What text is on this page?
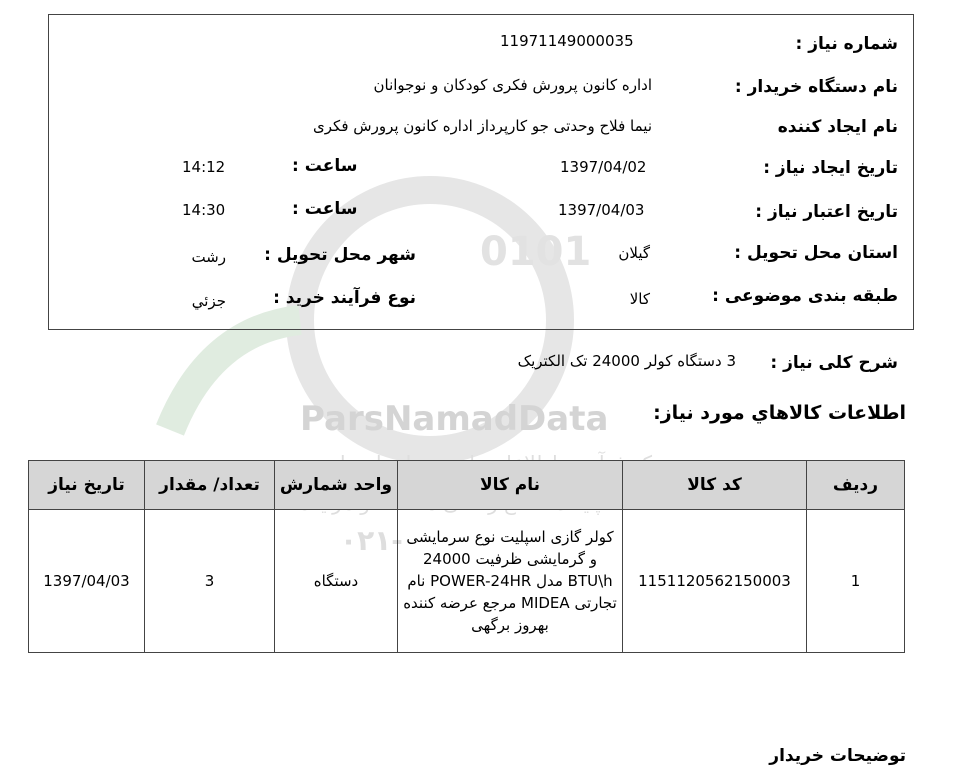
0101
ParsNamadData
۰۲۱-
شماره نیاز :
11971149000035
نام دستگاه خریدار :
اداره کانون پرورش فکری کودکان و نوجوانان
نام ایجاد کننده
نیما فلاح وحدتی جو کارپرداز اداره کانون پرورش فکری
تاریخ ایجاد نیاز :
1397/04/02
ساعت :
14:12
تاریخ اعتبار نیاز :
1397/04/03
ساعت :
14:30
استان محل تحویل :
گیلان
شهر محل تحویل :
رشت
طبقه بندی موضوعی :
کالا
نوع فرآیند خرید :
جزئي
شرح کلی نیاز :
3 دستگاه کولر 24000 تک الکتریک
اطلاعات کالاهاي مورد نیاز:
ردیف	کد کالا	نام کالا	واحد شمارش	تعداد/ مقدار	تاریخ نیاز
1	1151120562150003	کولر گازی اسپلیت نوع سرمایشی و گرمایشی ظرفیت 24000 BTU\h مدل POWER-24HR نام تجارتی MIDEA مرجع عرضه کننده بهروز برگهی	دستگاه	3	1397/04/03
توضیحات خریدار
